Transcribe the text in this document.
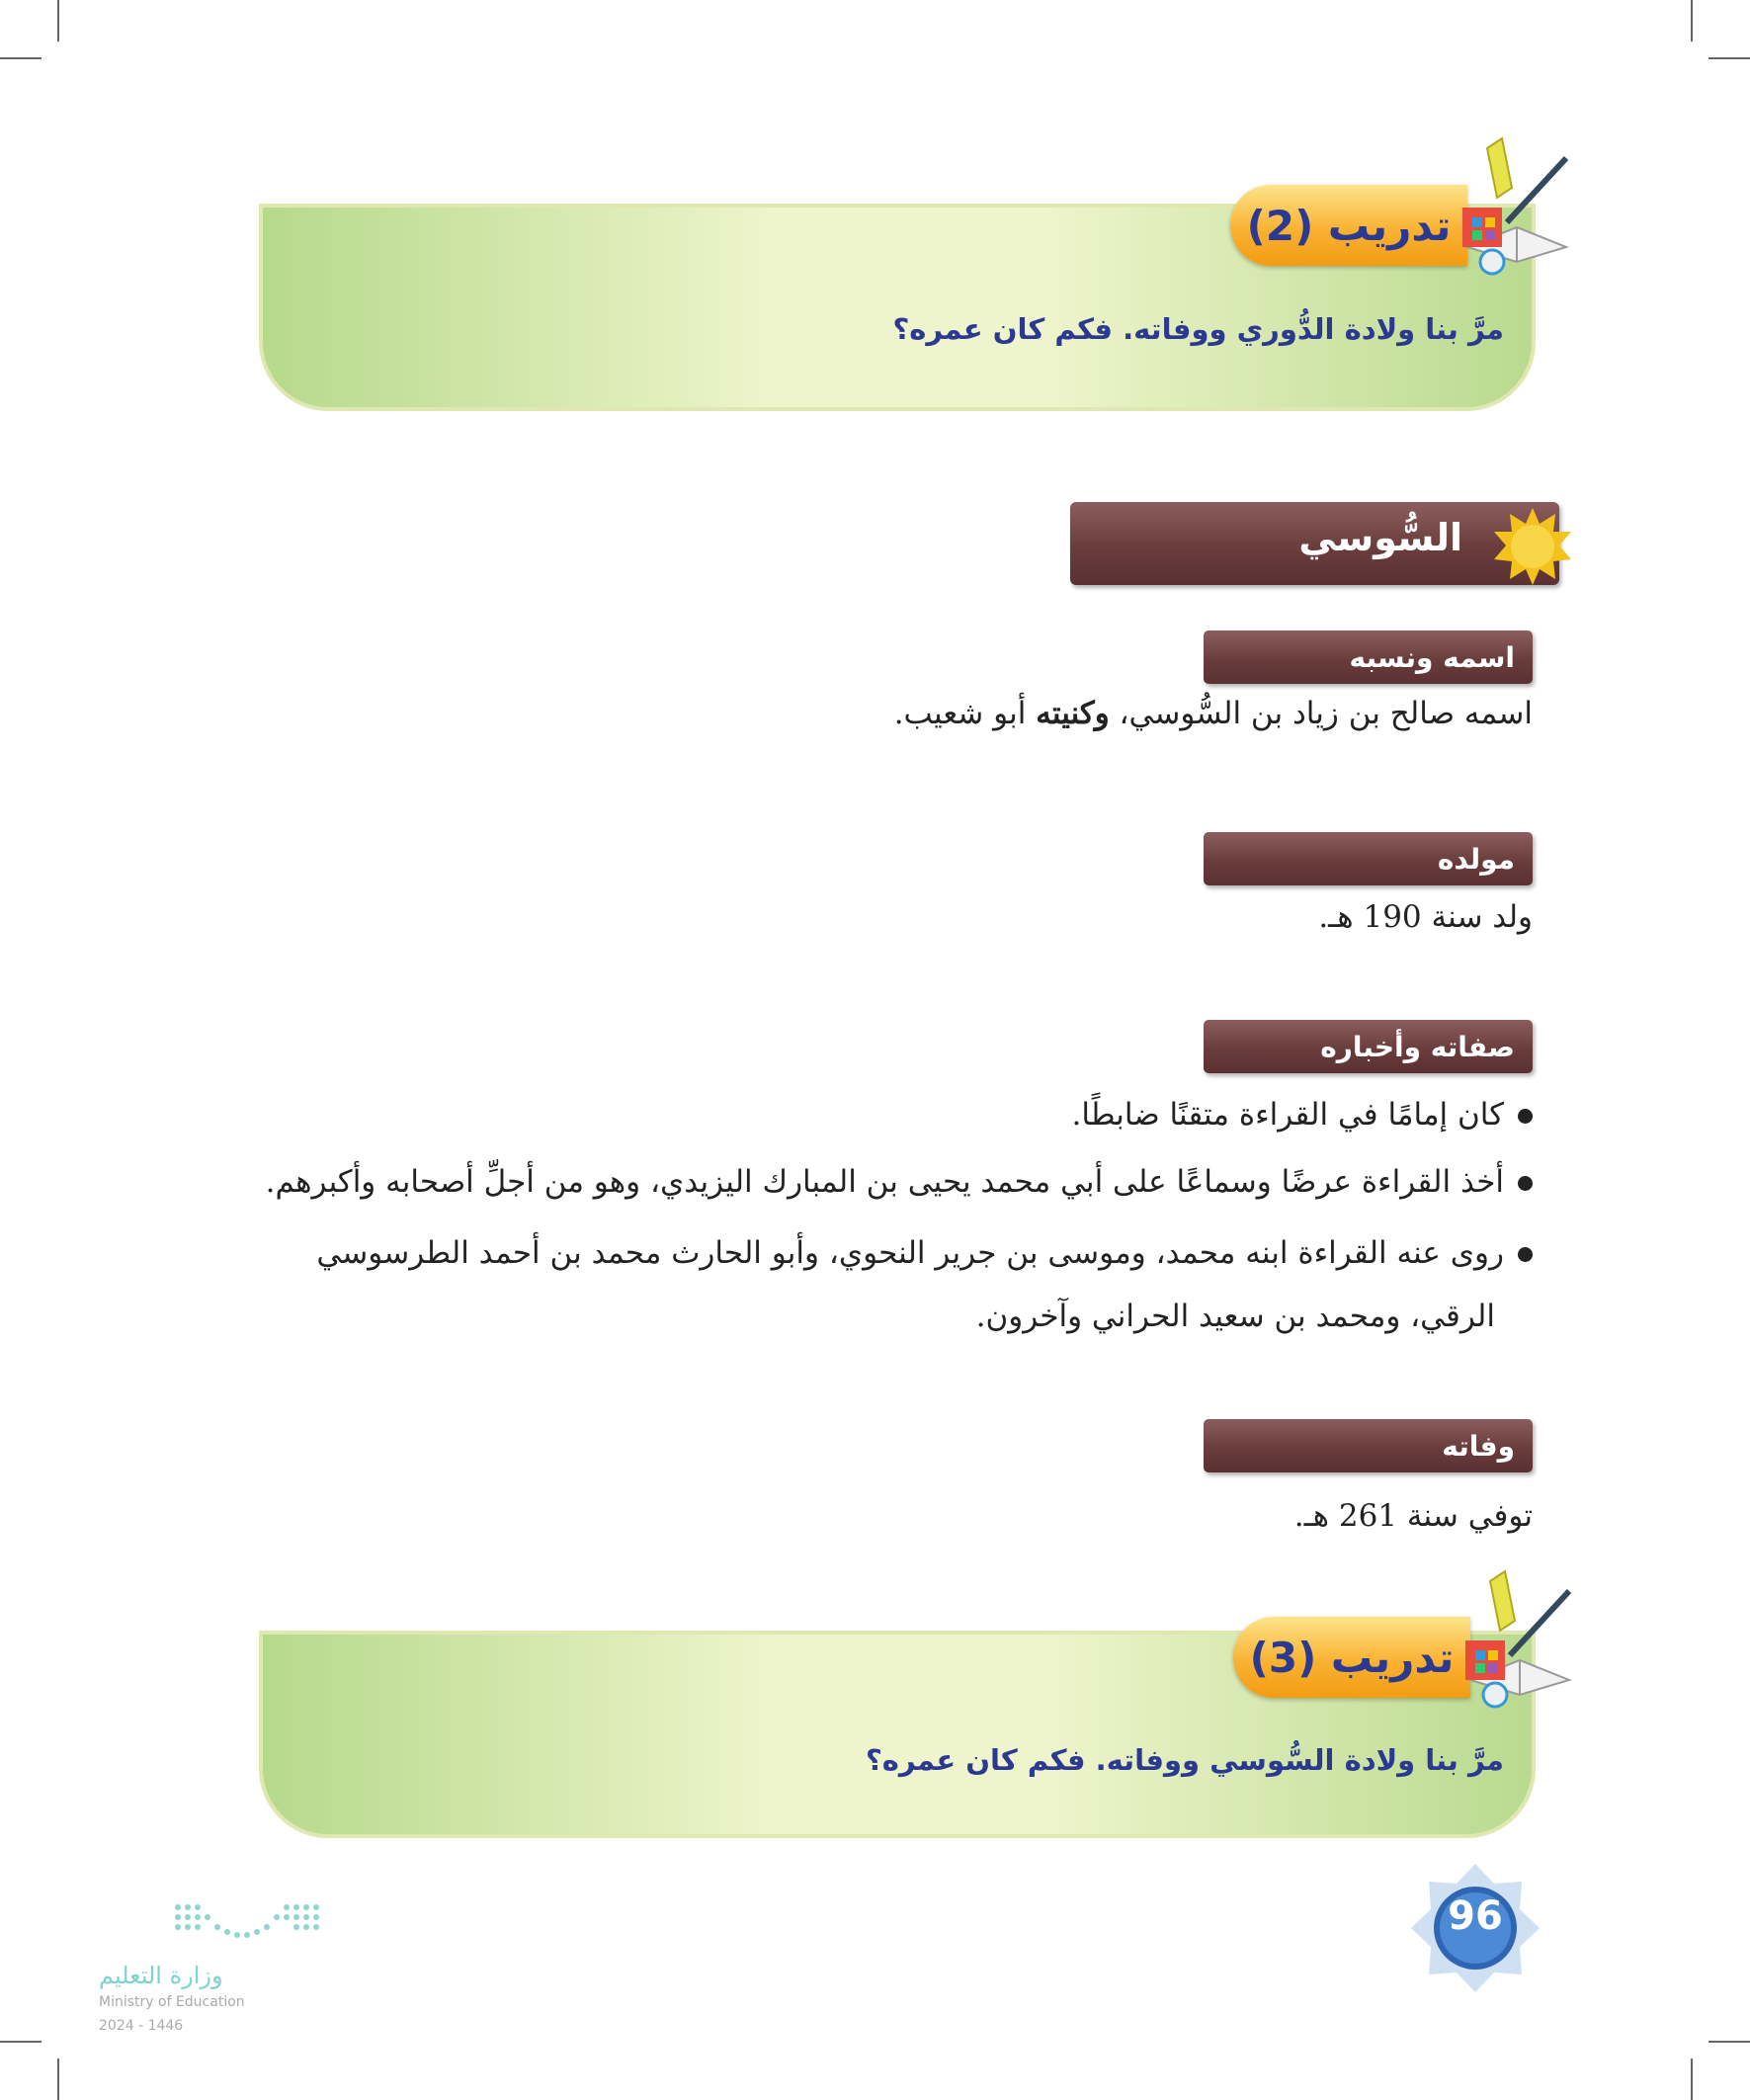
مرَّ بنا ولادة الدُّوري ووفاته. فكم كان عمره؟
تدريب (2)
السُّوسي
اسمه ونسبه
اسمه صالح بن زياد بن السُّوسي، وكنيته أبو شعيب.
مولده
ولد سنة 190 هـ.
صفاته وأخباره
كان إمامًا في القراءة متقنًا ضابطًا.
أخذ القراءة عرضًا وسماعًا على أبي محمد يحيى بن المبارك اليزيدي، وهو من أجلِّ أصحابه وأكبرهم.
روى عنه القراءة ابنه محمد، وموسى بن جرير النحوي، وأبو الحارث محمد بن أحمد الطرسوسي
الرقي، ومحمد بن سعيد الحراني وآخرون.
وفاته
توفي سنة 261 هـ.
مرَّ بنا ولادة السُّوسي ووفاته. فكم كان عمره؟
تدريب (3)
96
وزارة التعليم
Ministry of Education
2024 - 1446
